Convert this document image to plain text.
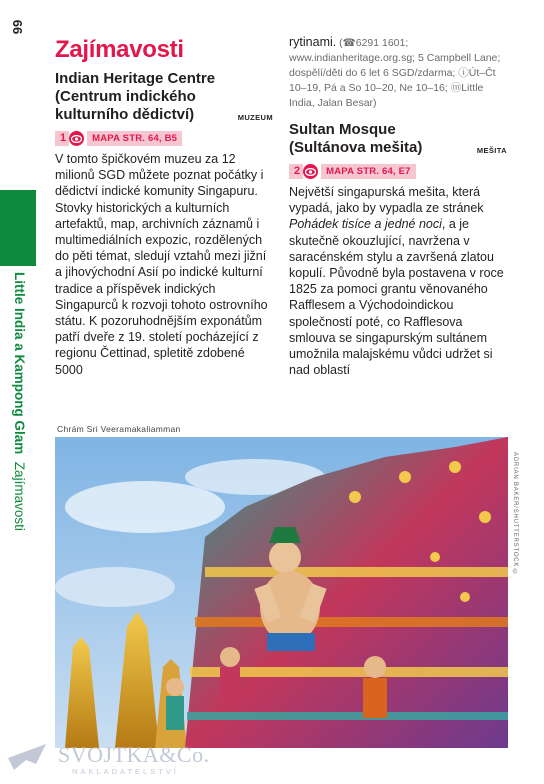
66
Little India a Kampong Glam  Zajímavosti
Zajímavosti
Indian Heritage Centre (Centrum indického kulturního dědictví)	MUZEUM
1	MAPA STR. 64, B5

V tomto špičkovém muzeu za 12 milionů SGD můžete poznat počátky i dědictví indické komunity Singapuru. Stovky historických a kulturních artefaktů, map, archivních záznamů i multimediálních expozic, rozdělených do pěti témat, sledují vztahů mezi jižní a jihovýchodní Asií po indické kulturní tradice a příspěvek indických Singapurců k rozvoji tohoto ostrovního státu. K pozoruhodnějším exponátům patří dveře z 19. století pocházející z regionu Čettinad, spletitě zdobené 5000

rytinami. (☎6291 1601; www.indianheritage.org.sg; 5 Campbell Lane; dospělí/děti do 6 let 6 SGD/zdarma; ⓘÚt–Čt 10–19, Pá a So 10–20, Ne 10–16; ⓜLittle India, Jalan Besar)

Sultan Mosque (Sultánova mešita)	MEŠITA
2	MAPA STR. 64, E7

Největší singapurská mešita, která vypadá, jako by vypadla ze stránek Pohádek tisíce a jedné noci, a je skutečně okouzlující, navržena v saracénském stylu a završená zlatou kopulí. Původně byla postavena v roce 1825 za pomoci grantu věnovaného Rafflesem a Východoindickou společností poté, co Rafflesova smlouva se singapurským sultánem umožnila malajskému vůdci udržet si nad oblastí

Chrám Sri Veeramakaliamman
ADRIAN BAKER/SHUTTERSTOCK ©
SVOJTKA&Co.
NAKLADATELSTVÍ
